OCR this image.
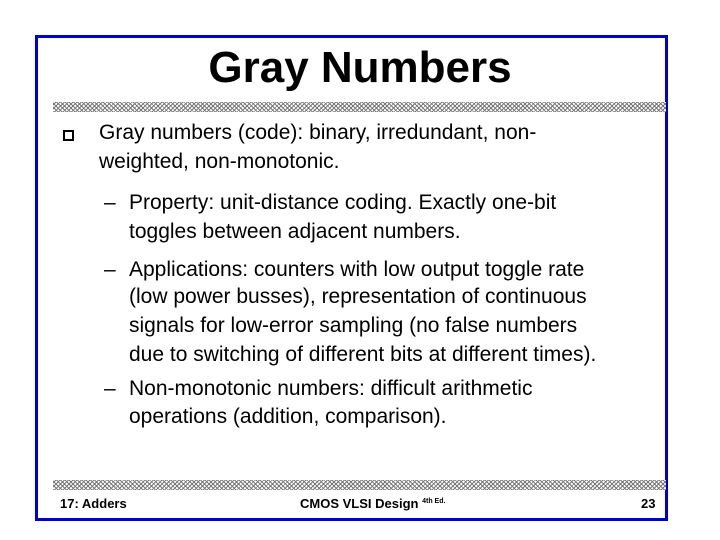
Gray Numbers
Gray numbers (code): binary, irredundant, non-
weighted, non-monotonic.
– Property: unit-distance coding. Exactly one-bit
toggles between adjacent numbers.
– Applications: counters with low output toggle rate
(low power busses), representation of continuous
signals for low-error sampling (no false numbers
due to switching of different bits at different times).
– Non-monotonic numbers: difficult arithmetic
operations (addition, comparison).
17: Adders	CMOS VLSI Design $^{4th Ed.}$	23
